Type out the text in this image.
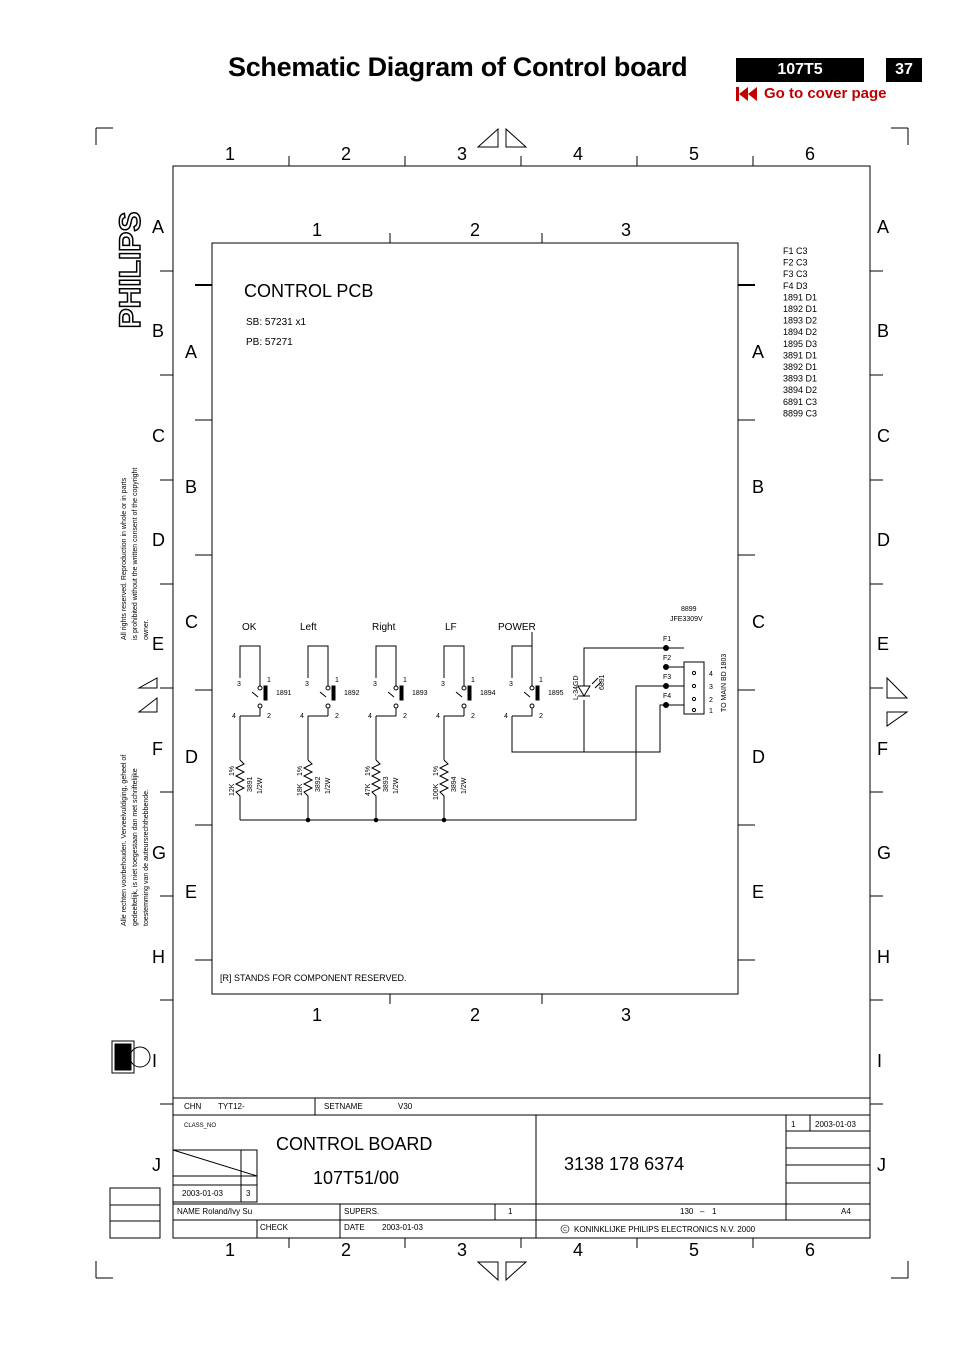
Schematic Diagram of Control board	107T5	37
Go to cover page
1
1
2
2
3
3
4
4
5
5
6
6
A	A
B	B
C	C
D	D
E	E
F	F
G	G
H	H
I	I
J	J
1
1
2
2
3
3
A	A
B	B
C	C
D	D
E	E
PHILIPS
All rights reserved. Reproduction in whole or in parts is prohibited without the written consent of the copyright owner.
Alle rechten voorbehouden. Verveelvuldiging, geheel of gedeeltelijk, is niet toegestaan dan met schriftelijke toestemming van de auteursrechthebbende.
CONTROL PCB
SB: 57231 x1
PB: 57271
[R] STANDS FOR COMPONENT RESERVED.
F1 C3
F2 C3
F3 C3
F4 D3
1891 D1
1892 D1
1893 D2
1894 D2
1895 D3
3891 D1
3892 D1
3893 D1
3894 D2
6891 C3
8899 C3
OK
3
1
4	2
1891
12K
1%
3891 1/2W
Left
3
1
4	2
1892
18K
1%
3892 1/2W
Right
3
1
4	2
1893
47K
1%
3893 1/2W
LF
3
1
4	2
1894
100K
1%
3894 1/2W
POWER
3
1
4	2
1895 L-34GD	6891
8899
JFE3309V
F1
F2
F3
F4
4
3
2
1 TO MAIN BD 1803
CHN TYT12-	SETNAME	V30
CLASS_NO	1 2003-01-03
2003-01-03	3
NAME Roland/Ivy Su	SUPERS.	1	130 – 1	A4
CHECK	DATE 2003-01-03	KONINKLIJKE PHILIPS ELECTRONICS N.V. 2000
C
CONTROL BOARD
107T51/00
3138 178 6374
